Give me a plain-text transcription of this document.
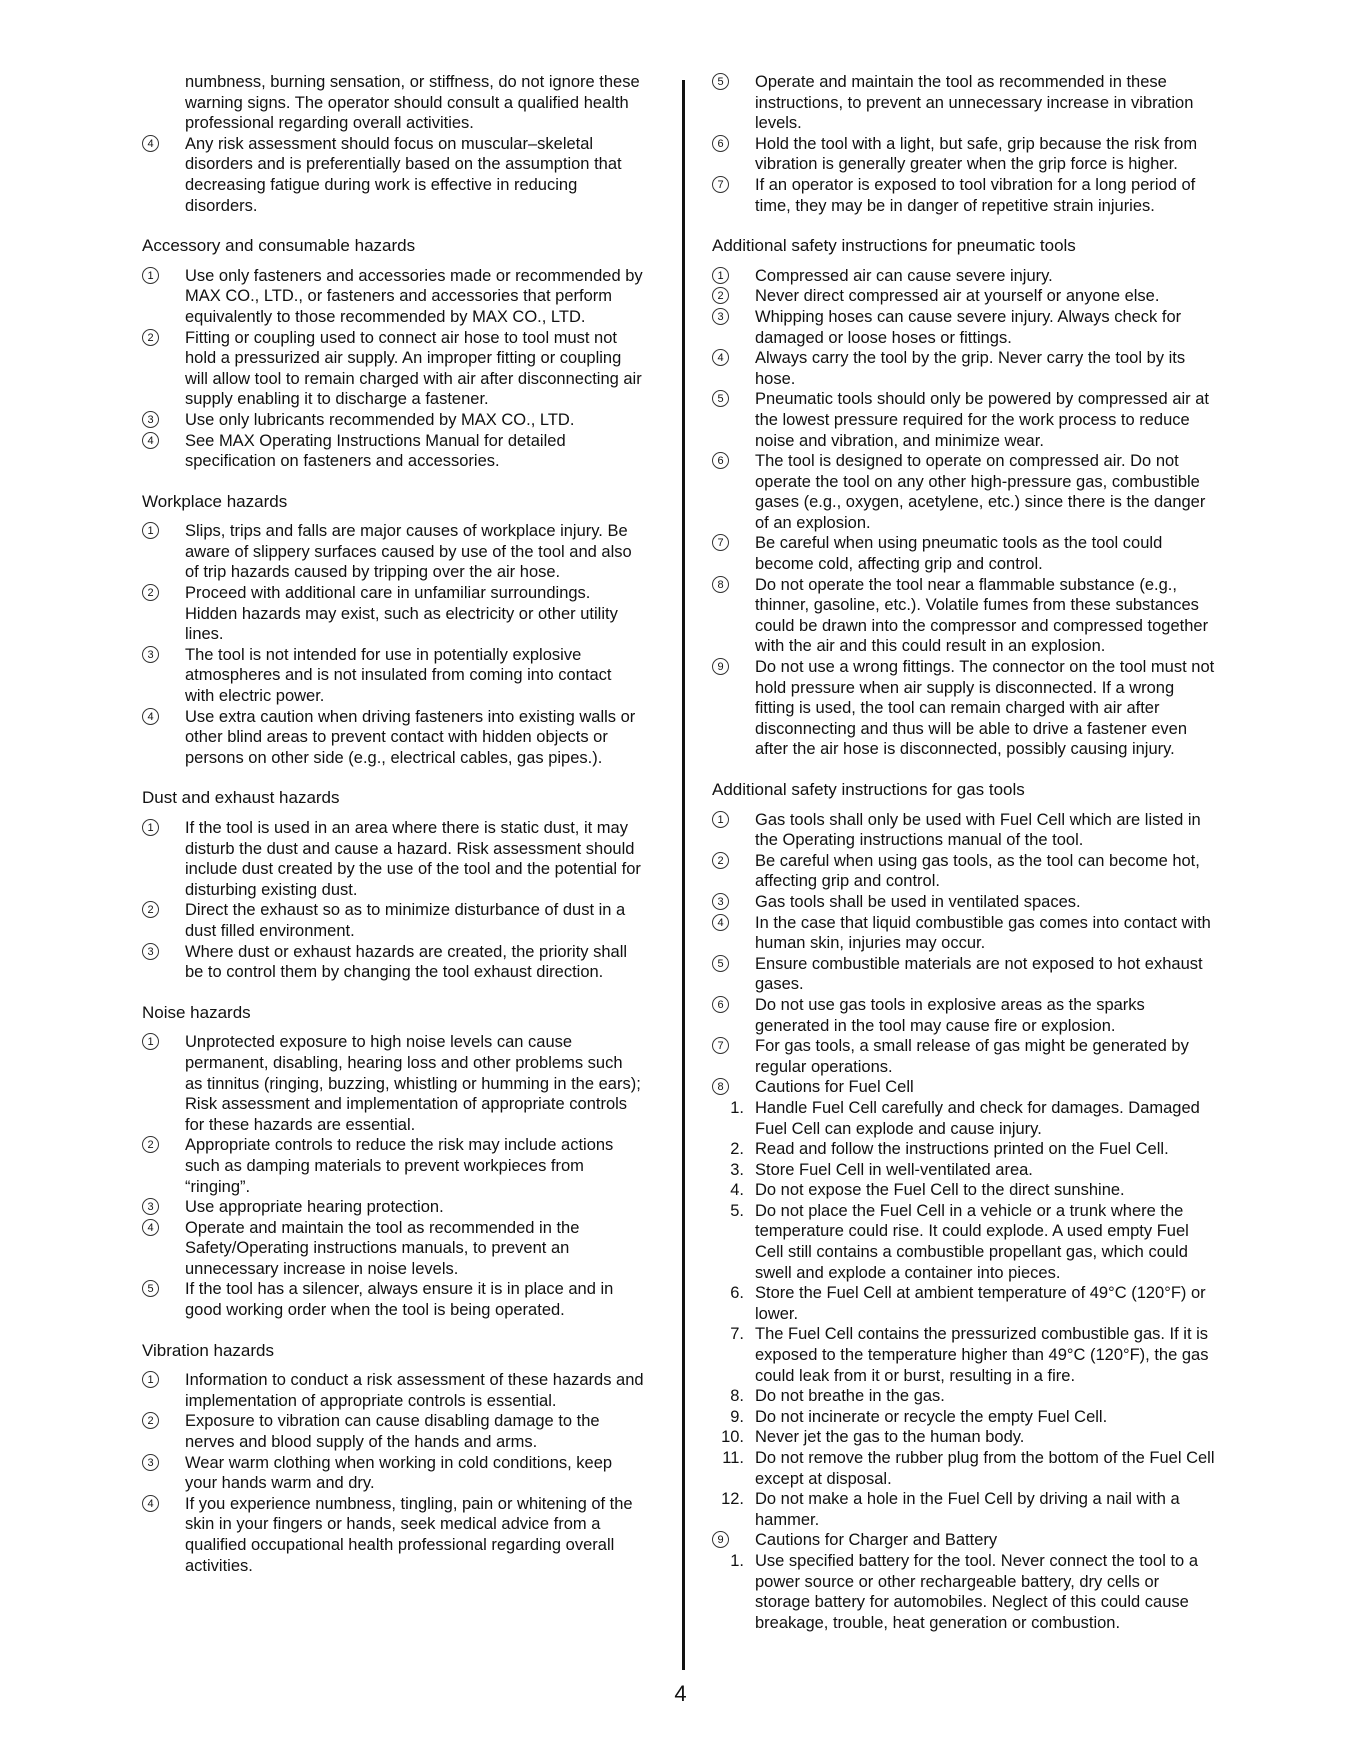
numbness, burning sensation, or stiffness, do not ignore these warning signs. The operator should consult a qualified health professional regarding overall activities.

4	Any risk assessment should focus on muscular–skeletal disorders and is preferentially based on the assumption that decreasing fatigue during work is effective in reducing disorders.

Accessory and consumable hazards

1	Use only fasteners and accessories made or recommended by MAX CO., LTD., or fasteners and accessories that perform equivalently to those recommended by MAX CO., LTD.
2	Fitting or coupling used to connect air hose to tool must not hold a pressurized air supply. An improper fitting or coupling will allow tool to remain charged with air after disconnecting air supply enabling it to discharge a fastener.
3	Use only lubricants recommended by MAX CO., LTD.
4	See MAX Operating Instructions Manual for detailed specification on fasteners and accessories.

Workplace hazards

1	Slips, trips and falls are major causes of workplace injury. Be aware of slippery surfaces caused by use of the tool and also of trip hazards caused by tripping over the air hose.
2	Proceed with additional care in unfamiliar surroundings. Hidden hazards may exist, such as electricity or other utility lines.
3	The tool is not intended for use in potentially explosive atmospheres and is not insulated from coming into contact with electric power.
4	Use extra caution when driving fasteners into existing walls or other blind areas to prevent contact with hidden objects or persons on other side (e.g., electrical cables, gas pipes.).

Dust and exhaust hazards

1	If the tool is used in an area where there is static dust, it may disturb the dust and cause a hazard. Risk assessment should include dust created by the use of the tool and the potential for disturbing existing dust.
2	Direct the exhaust so as to minimize disturbance of dust in a dust filled environment.
3	Where dust or exhaust hazards are created, the priority shall be to control them by changing the tool exhaust direction.

Noise hazards

1	Unprotected exposure to high noise levels can cause permanent, disabling, hearing loss and other problems such as tinnitus (ringing, buzzing, whistling or humming in the ears); Risk assessment and implementation of appropriate controls for these hazards are essential.
2	Appropriate controls to reduce the risk may include actions such as damping materials to prevent workpieces from “ringing”.
3	Use appropriate hearing protection.
4	Operate and maintain the tool as recommended in the Safety/Operating instructions manuals, to prevent an unnecessary increase in noise levels.
5	If the tool has a silencer, always ensure it is in place and in good working order when the tool is being operated.

Vibration hazards

1	Information to conduct a risk assessment of these hazards and implementation of appropriate controls is essential.
2	Exposure to vibration can cause disabling damage to the nerves and blood supply of the hands and arms.
3	Wear warm clothing when working in cold conditions, keep your hands warm and dry.
4	If you experience numbness, tingling, pain or whitening of the skin in your fingers or hands, seek medical advice from a qualified occupational health professional regarding overall activities.
5	Operate and maintain the tool as recommended in these instructions, to prevent an unnecessary increase in vibration levels.
6	Hold the tool with a light, but safe, grip because the risk from vibration is generally greater when the grip force is higher.
7	If an operator is exposed to tool vibration for a long period of time, they may be in danger of repetitive strain injuries.

Additional safety instructions for pneumatic tools

1	Compressed air can cause severe injury.
2	Never direct compressed air at yourself or anyone else.
3	Whipping hoses can cause severe injury. Always check for damaged or loose hoses or fittings.
4	Always carry the tool by the grip. Never carry the tool by its hose.
5	Pneumatic tools should only be powered by compressed air at the lowest pressure required for the work process to reduce noise and vibration, and minimize wear.
6	The tool is designed to operate on compressed air. Do not operate the tool on any other high-pressure gas, combustible gases (e.g., oxygen, acetylene, etc.) since there is the danger of an explosion.
7	Be careful when using pneumatic tools as the tool could become cold, affecting grip and control.
8	Do not operate the tool near a flammable substance (e.g., thinner, gasoline, etc.). Volatile fumes from these substances could be drawn into the compressor and compressed together with the air and this could result in an explosion.
9	Do not use a wrong fittings. The connector on the tool must not hold pressure when air supply is disconnected. If a wrong fitting is used, the tool can remain charged with air after disconnecting and thus will be able to drive a fastener even after the air hose is disconnected, possibly causing injury.

Additional safety instructions for gas tools

1	Gas tools shall only be used with Fuel Cell which are listed in the Operating instructions manual of the tool.
2	Be careful when using gas tools, as the tool can become hot, affecting grip and control.
3	Gas tools shall be used in ventilated spaces.
4	In the case that liquid combustible gas comes into contact with human skin, injuries may occur.
5	Ensure combustible materials are not exposed to hot exhaust gases.
6	Do not use gas tools in explosive areas as the sparks generated in the tool may cause fire or explosion.
7	For gas tools, a small release of gas might be generated by regular operations.
8	Cautions for Fuel Cell

1. Handle Fuel Cell carefully and check for damages. Damaged Fuel Cell can explode and cause injury.

2. Read and follow the instructions printed on the Fuel Cell.

3. Store Fuel Cell in well-ventilated area.

4. Do not expose the Fuel Cell to the direct sunshine.

5. Do not place the Fuel Cell in a vehicle or a trunk where the temperature could rise. It could explode. A used empty Fuel Cell still contains a combustible propellant gas, which could swell and explode a container into pieces.

6. Store the Fuel Cell at ambient temperature of 49°C (120°F) or lower.

7. The Fuel Cell contains the pressurized combustible gas. If it is exposed to the temperature higher than 49°C (120°F), the gas could leak from it or burst, resulting in a fire.

8. Do not breathe in the gas.

9. Do not incinerate or recycle the empty Fuel Cell.

10. Never jet the gas to the human body.

11. Do not remove the rubber plug from the bottom of the Fuel Cell except at disposal.

12. Do not make a hole in the Fuel Cell by driving a nail with a hammer.

9	Cautions for Charger and Battery

1. Use specified battery for the tool. Never connect the tool to a power source or other rechargeable battery, dry cells or storage battery for automobiles. Neglect of this could cause breakage, trouble, heat generation or combustion.

4
